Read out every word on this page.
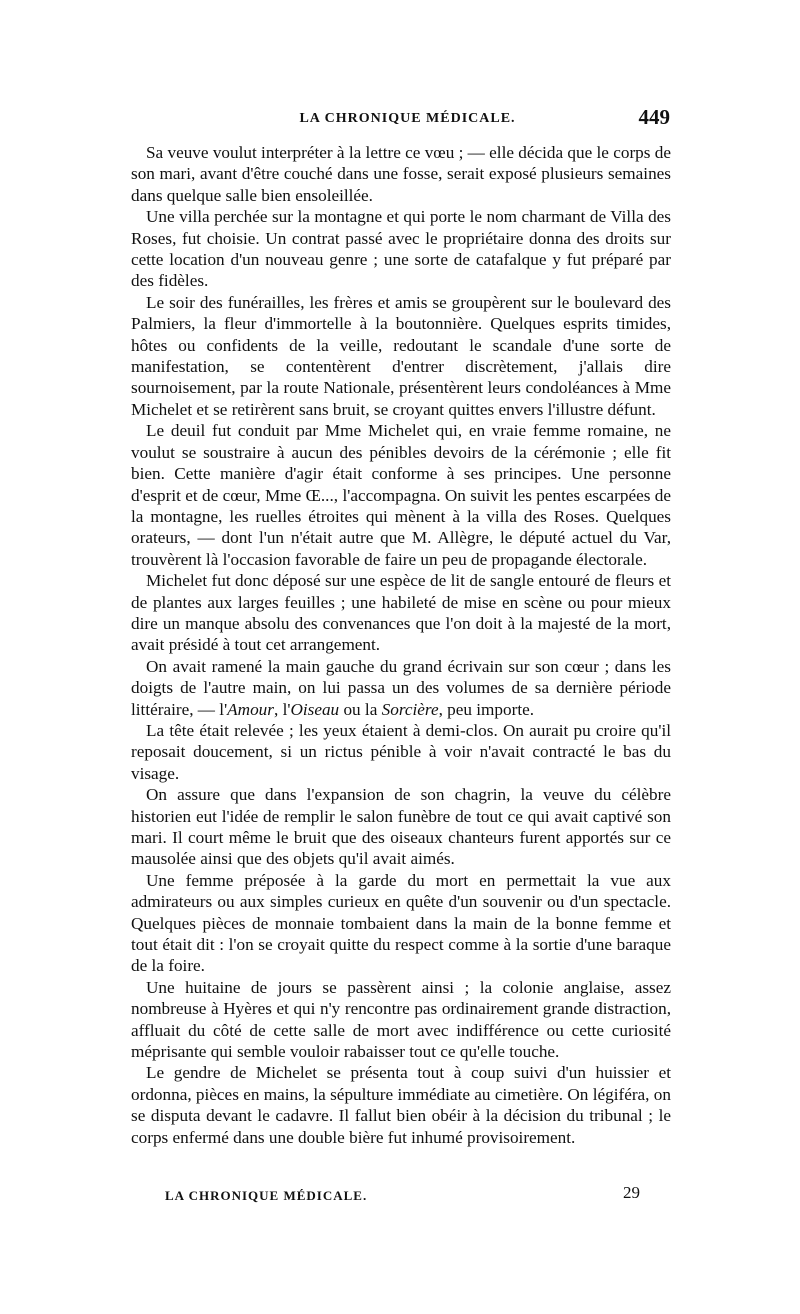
LA CHRONIQUE MÉDICALE.	449

Sa veuve voulut interpréter à la lettre ce vœu ; — elle décida que le corps de son mari, avant d'être couché dans une fosse, serait exposé plusieurs semaines dans quelque salle bien ensoleillée.

Une villa perchée sur la montagne et qui porte le nom charmant de Villa des Roses, fut choisie. Un contrat passé avec le propriétaire donna des droits sur cette location d'un nouveau genre ; une sorte de catafalque y fut préparé par des fidèles.

Le soir des funérailles, les frères et amis se groupèrent sur le boulevard des Palmiers, la fleur d'immortelle à la boutonnière. Quelques esprits timides, hôtes ou confidents de la veille, redoutant le scandale d'une sorte de manifestation, se contentèrent d'entrer discrètement, j'allais dire sournoisement, par la route Nationale, présentèrent leurs condoléances à Mme Michelet et se retirèrent sans bruit, se croyant quittes envers l'illustre défunt.

Le deuil fut conduit par Mme Michelet qui, en vraie femme romaine, ne voulut se soustraire à aucun des pénibles devoirs de la cérémonie ; elle fit bien. Cette manière d'agir était conforme à ses principes. Une personne d'esprit et de cœur, Mme Œ..., l'accompagna. On suivit les pentes escarpées de la montagne, les ruelles étroites qui mènent à la villa des Roses. Quelques orateurs, — dont l'un n'était autre que M. Allègre, le député actuel du Var, trouvèrent là l'occasion favorable de faire un peu de propagande électorale.

Michelet fut donc déposé sur une espèce de lit de sangle entouré de fleurs et de plantes aux larges feuilles ; une habileté de mise en scène ou pour mieux dire un manque absolu des convenances que l'on doit à la majesté de la mort, avait présidé à tout cet arrangement.

On avait ramené la main gauche du grand écrivain sur son cœur ; dans les doigts de l'autre main, on lui passa un des volumes de sa dernière période littéraire, — l'Amour, l'Oiseau ou la Sorcière, peu importe.

La tête était relevée ; les yeux étaient à demi-clos. On aurait pu croire qu'il reposait doucement, si un rictus pénible à voir n'avait contracté le bas du visage.

On assure que dans l'expansion de son chagrin, la veuve du célèbre historien eut l'idée de remplir le salon funèbre de tout ce qui avait captivé son mari. Il court même le bruit que des oiseaux chanteurs furent apportés sur ce mausolée ainsi que des objets qu'il avait aimés.

Une femme préposée à la garde du mort en permettait la vue aux admirateurs ou aux simples curieux en quête d'un souvenir ou d'un spectacle. Quelques pièces de monnaie tombaient dans la main de la bonne femme et tout était dit : l'on se croyait quitte du respect comme à la sortie d'une baraque de la foire.

Une huitaine de jours se passèrent ainsi ; la colonie anglaise, assez nombreuse à Hyères et qui n'y rencontre pas ordinairement grande distraction, affluait du côté de cette salle de mort avec indifférence ou cette curiosité méprisante qui semble vouloir rabaisser tout ce qu'elle touche.

Le gendre de Michelet se présenta tout à coup suivi d'un huissier et ordonna, pièces en mains, la sépulture immédiate au cimetière. On légiféra, on se disputa devant le cadavre. Il fallut bien obéir à la décision du tribunal ; le corps enfermé dans une double bière fut inhumé provisoirement.

LA CHRONIQUE MÉDICALE.	29
